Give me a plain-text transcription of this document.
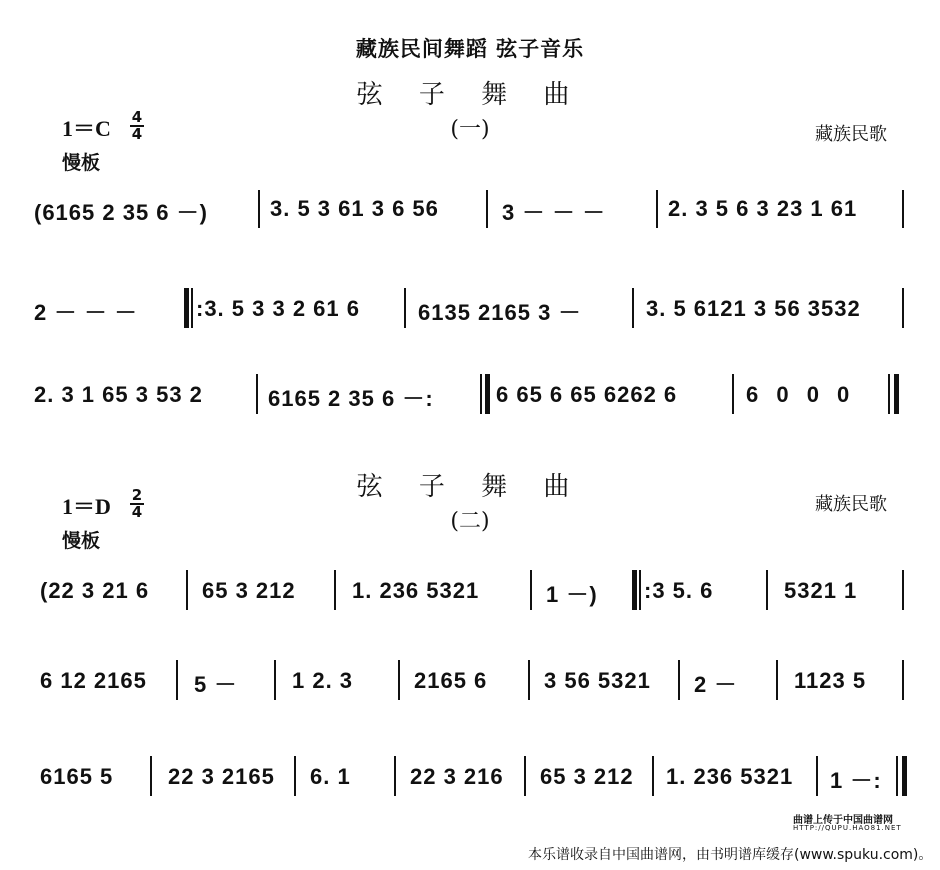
藏族民间舞蹈 弦子音乐
弦 子 舞 曲
(一)
1＝C 4
4
慢板
藏族民歌
(6165 2 35 6 －)	3. 5 3 61 3 6 56	3 － － －	2. 3 5 6 3 23 1 61
2 － － －	:3. 5 3 3 2 61 6	6135 2165 3 －	3. 5 6121 3 56 3532
2. 3 1 65 3 53 2	6165 2 35 6 －:	6 65 6 65 6262 6	6 0 0 0
弦 子 舞 曲
(二)
1＝D 2
4
慢板
藏族民歌
(22 3 21 6 65 3 212	1. 236 5321	1 －) :3 5. 6	5321 1
6 12 2165 5 － 1 2. 3	2165 6	3 56 5321 2 －	1123 5
6165 5 22 3 2165 6. 1	22 3 216 65 3 212 1. 236 5321 1 －:
曲谱上传于中国曲谱网
HTTP://QUPU.HAO81.NET
本乐谱收录自中国曲谱网，由书明谱库缓存(www.spuku.com)。
